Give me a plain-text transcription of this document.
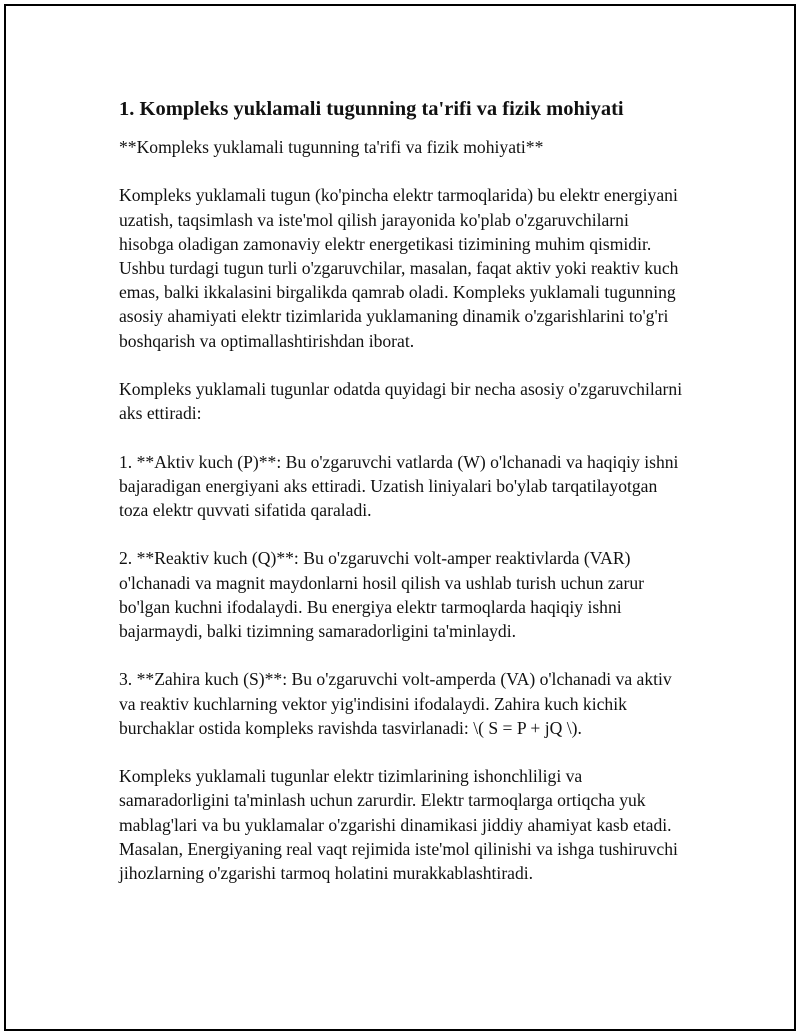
1. Kompleks yuklamali tugunning ta'rifi va fizik mohiyati

**Kompleks yuklamali tugunning ta'rifi va fizik mohiyati**

Kompleks yuklamali tugun (ko'pincha elektr tarmoqlarida) bu elektr energiyani uzatish, taqsimlash va iste'mol qilish jarayonida ko'plab o'zgaruvchilarni hisobga oladigan zamonaviy elektr energetikasi tizimining muhim qismidir. Ushbu turdagi tugun turli o'zgaruvchilar, masalan, faqat aktiv yoki reaktiv kuch emas, balki ikkalasini birgalikda qamrab oladi. Kompleks yuklamali tugunning asosiy ahamiyati elektr tizimlarida yuklamaning dinamik o'zgarishlarini to'g'ri boshqarish va optimallashtirishdan iborat.

Kompleks yuklamali tugunlar odatda quyidagi bir necha asosiy o'zgaruvchilarni aks ettiradi:

1. **Aktiv kuch (P)**: Bu o'zgaruvchi vatlarda (W) o'lchanadi va haqiqiy ishni bajaradigan energiyani aks ettiradi. Uzatish liniyalari bo'ylab tarqatilayotgan toza elektr quvvati sifatida qaraladi.

2. **Reaktiv kuch (Q)**: Bu o'zgaruvchi volt-amper reaktivlarda (VAR) o'lchanadi va magnit maydonlarni hosil qilish va ushlab turish uchun zarur bo'lgan kuchni ifodalaydi. Bu energiya elektr tarmoqlarda haqiqiy ishni bajarmaydi, balki tizimning samaradorligini ta'minlaydi.

3. **Zahira kuch (S)**: Bu o'zgaruvchi volt-amperda (VA) o'lchanadi va aktiv va reaktiv kuchlarning vektor yig'indisini ifodalaydi. Zahira kuch kichik burchaklar ostida kompleks ravishda tasvirlanadi: \( S = P + jQ \).

Kompleks yuklamali tugunlar elektr tizimlarining ishonchliligi va samaradorligini ta'minlash uchun zarurdir. Elektr tarmoqlarga ortiqcha yuk mablag'lari va bu yuklamalar o'zgarishi dinamikasi jiddiy ahamiyat kasb etadi. Masalan, Energiyaning real vaqt rejimida iste'mol qilinishi va ishga tushiruvchi jihozlarning o'zgarishi tarmoq holatini murakkablashtiradi.
